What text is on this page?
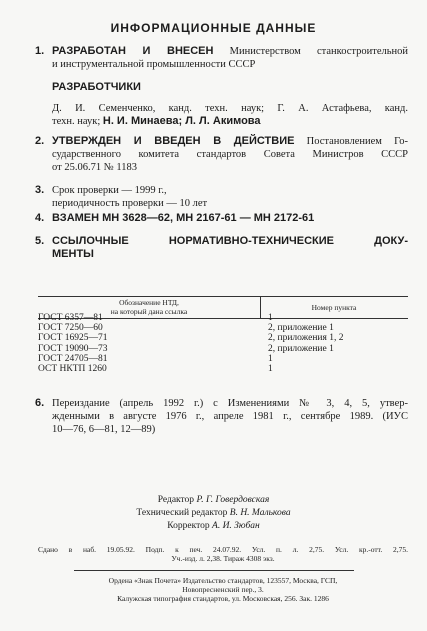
ИНФОРМАЦИОННЫЕ ДАННЫЕ
1. РАЗРАБОТАН И ВНЕСЕН Министерством станкостроительной
и инструментальной промышленности СССР
РАЗРАБОТЧИКИ
Д. И. Семенченко, канд. техн. наук; Г. А. Астафьева, канд.
техн. наук; Н. И. Минаева; Л. Л. Акимова
2. УТВЕРЖДЕН И ВВЕДЕН В ДЕЙСТВИЕ Постановлением Го-
сударственного комитета стандартов Совета Министров СССР
от 25.06.71 № 1183
3. Срок проверки — 1999 г.,
периодичность проверки — 10 лет
4. ВЗАМЕН МН 3628—62, МН 2167-61 — МН 2172-61
5. ССЫЛОЧНЫЕ НОРМАТИВНО-ТЕХНИЧЕСКИЕ ДОКУ-
МЕНТЫ
Обозначение НТД,
на который дана ссылка	Номер пункта
ГОСТ 6357—81
ГОСТ 7250—60
ГОСТ 16925—71
ГОСТ 19090—73
ГОСТ 24705—81
ОСТ НКТП 1260
1
2, приложение 1
2, приложения 1, 2
2, приложение 1
1
1
6. Переиздание (апрель 1992 г.) с Изменениями № 3, 4, 5, утвер-
жденными в августе 1976 г., апреле 1981 г., сентябре 1989. (ИУС
10—76, 6—81, 12—89)
Редактор Р. Г. Говердовская
Технический редактор В. Н. Малькова
Корректор А. И. Зюбан
Сдано в наб. 19.05.92. Подп. к печ. 24.07.92. Усл. п. л. 2,75. Усл. кр.-отт. 2,75.
Уч.-изд. л. 2,38. Тираж 4308 экз.
Ордена «Знак Почета» Издательство стандартов, 123557, Москва, ГСП,
Новопресненский пер., 3.
Калужская типография стандартов, ул. Московская, 256. Зак. 1286
